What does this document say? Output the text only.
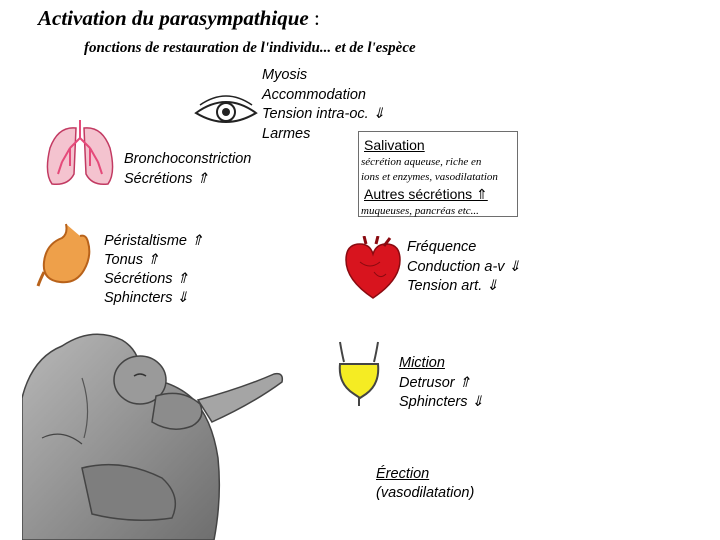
Activation du parasympathique :
fonctions de restauration de l'individu... et de l'espèce
Myosis
Accommodation
Tension intra-oc. ⇓
Larmes
Bronchoconstriction
Sécrétions ⇑
Salivation
sécrétion aqueuse, riche en
ions et enzymes, vasodilatation
Autres sécrétions ⇑
muqueuses, pancréas etc...
Péristaltisme ⇑
Tonus ⇑
Sécrétions ⇑
Sphincters ⇓
Fréquence
Conduction a-v ⇓
Tension art. ⇓
Miction
Detrusor ⇑
Sphincters ⇓
Érection
(vasodilatation)
